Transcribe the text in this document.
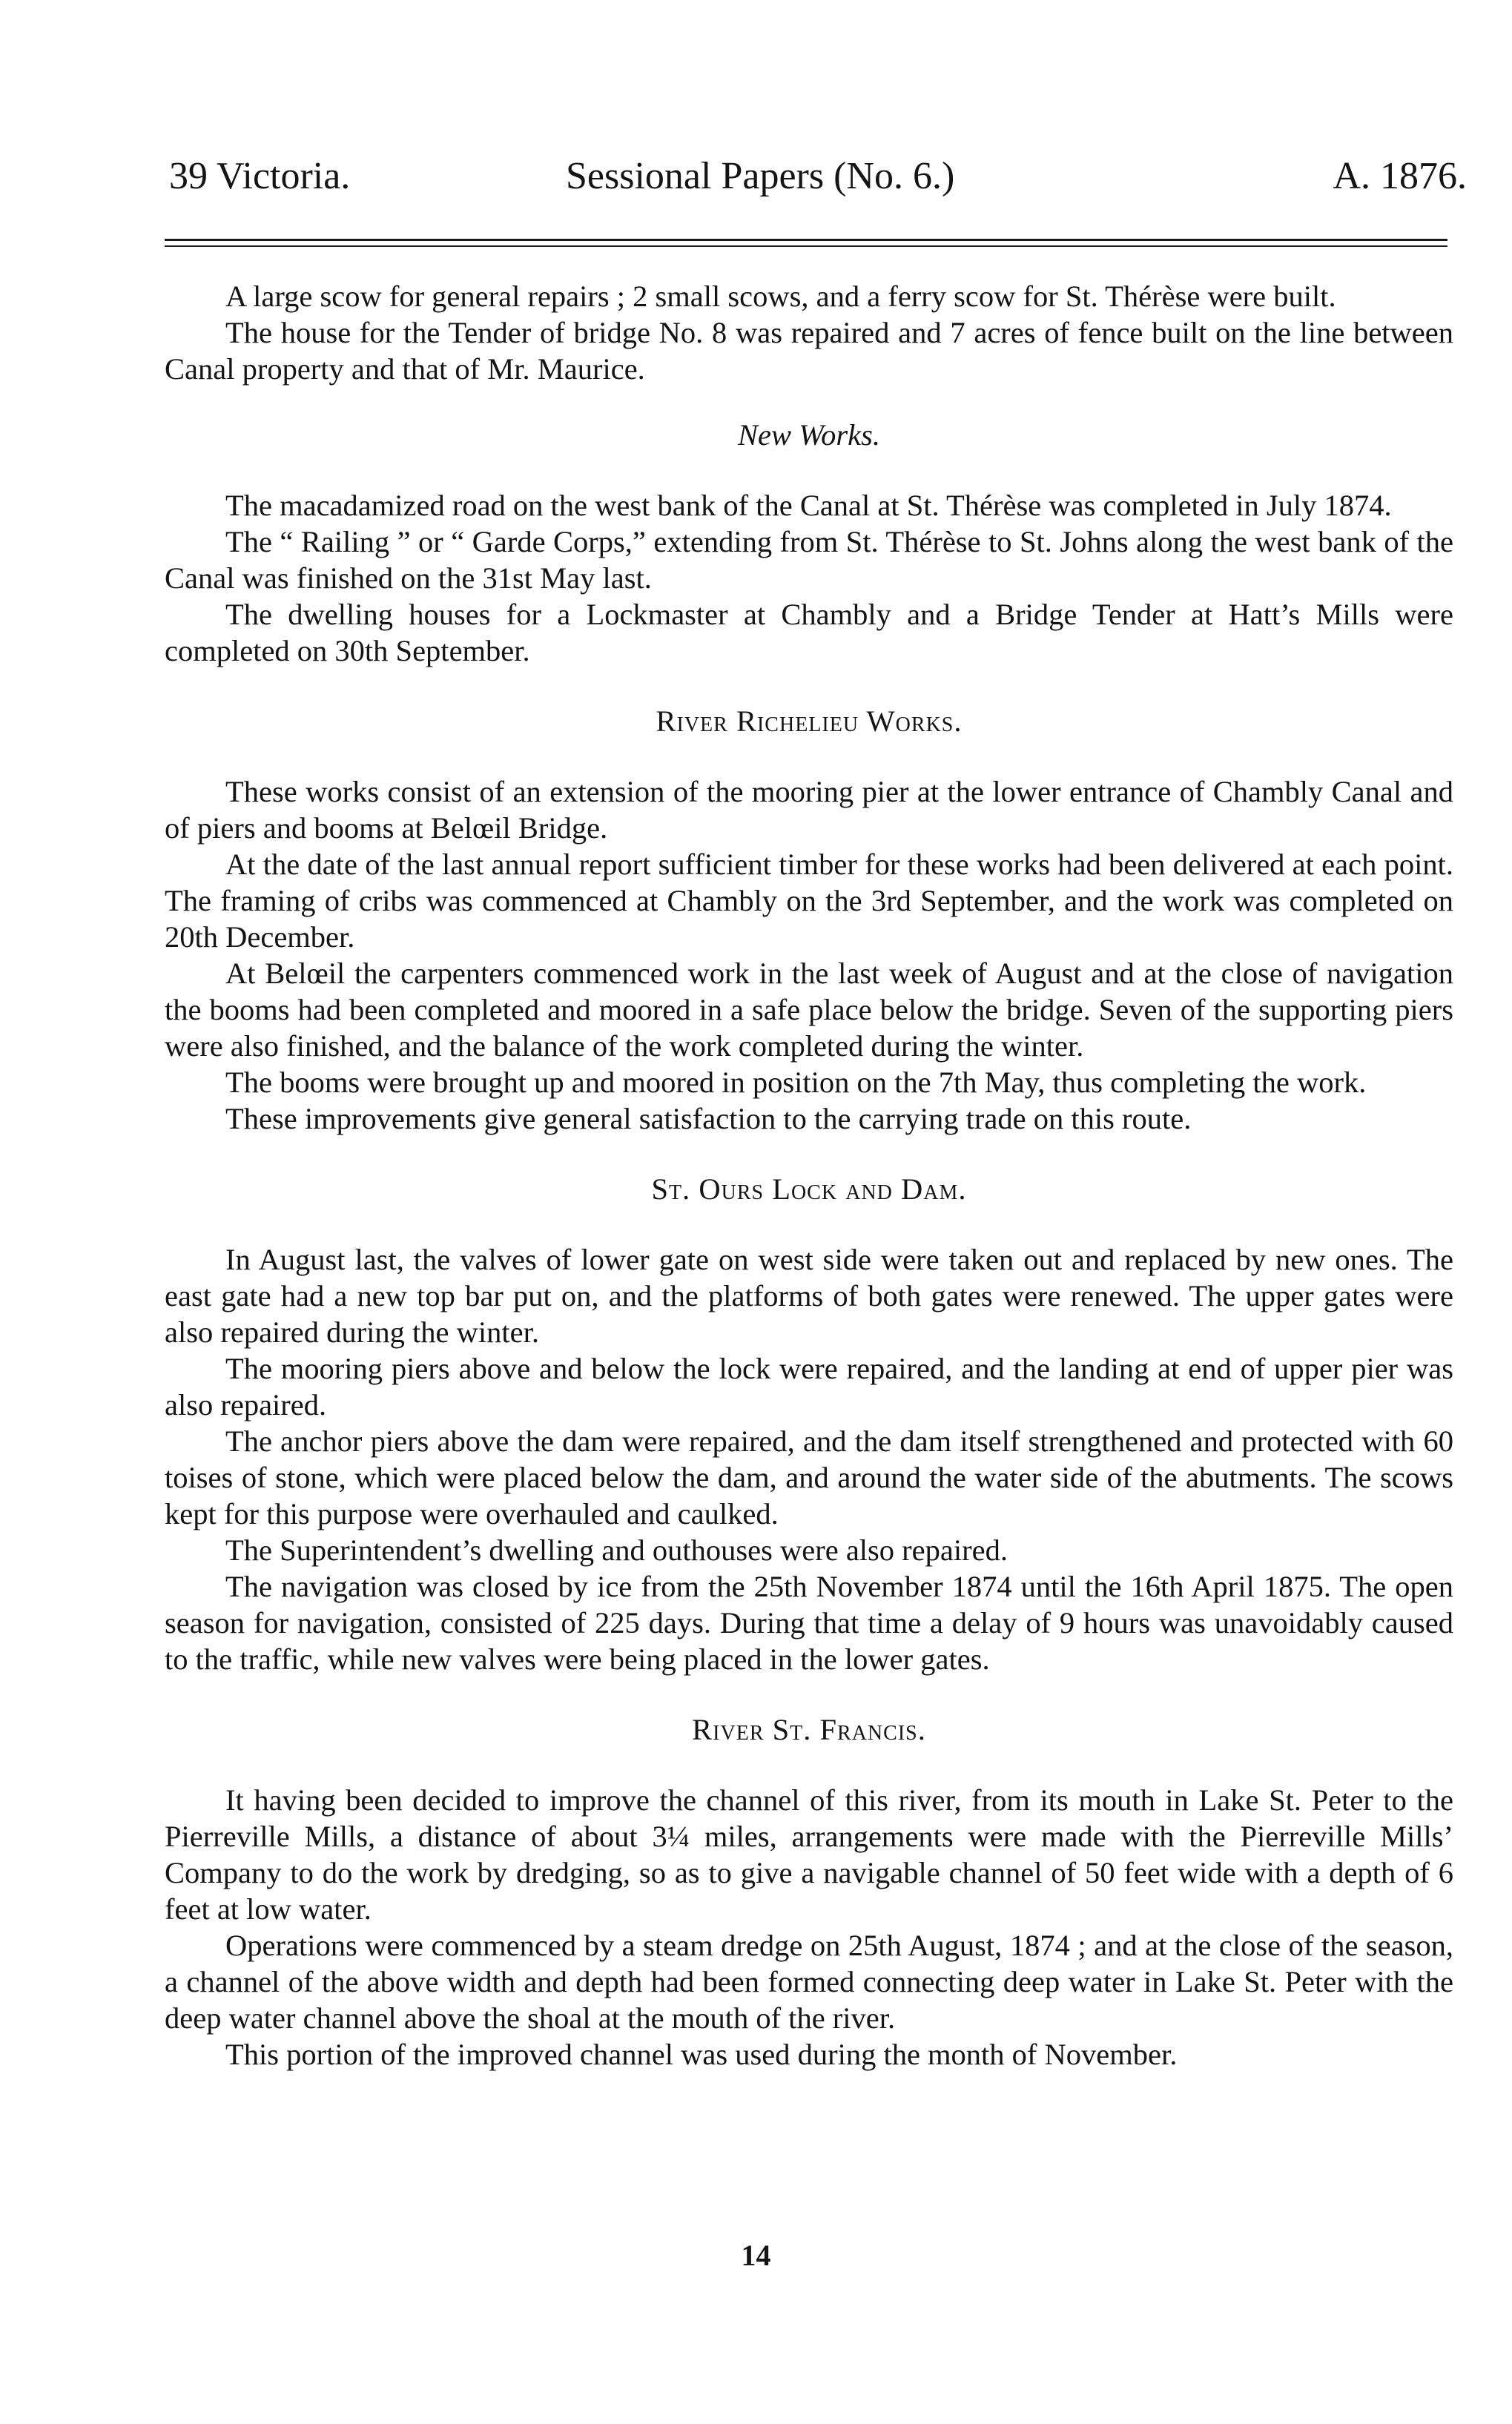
39 Victoria.	Sessional Papers (No. 6.)	A. 1876.

A large scow for general repairs ; 2 small scows, and a ferry scow for St. Thérèse were built.

The house for the Tender of bridge No. 8 was repaired and 7 acres of fence built on the line between Canal property and that of Mr. Maurice.

New Works.

The macadamized road on the west bank of the Canal at St. Thérèse was completed in July 1874.

The “ Railing ” or “ Garde Corps,” extending from St. Thérèse to St. Johns along the west bank of the Canal was finished on the 31st May last.

The dwelling houses for a Lockmaster at Chambly and a Bridge Tender at Hatt’s Mills were completed on 30th September.

River Richelieu Works.

These works consist of an extension of the mooring pier at the lower entrance of Chambly Canal and of piers and booms at Belœil Bridge.

At the date of the last annual report sufficient timber for these works had been delivered at each point. The framing of cribs was commenced at Chambly on the 3rd September, and the work was completed on 20th December.

At Belœil the carpenters commenced work in the last week of August and at the close of navigation the booms had been completed and moored in a safe place below the bridge. Seven of the supporting piers were also finished, and the balance of the work completed during the winter.

The booms were brought up and moored in position on the 7th May, thus completing the work.

These improvements give general satisfaction to the carrying trade on this route.

St. Ours Lock and Dam.

In August last, the valves of lower gate on west side were taken out and replaced by new ones. The east gate had a new top bar put on, and the platforms of both gates were renewed. The upper gates were also repaired during the winter.

The mooring piers above and below the lock were repaired, and the landing at end of upper pier was also repaired.

The anchor piers above the dam were repaired, and the dam itself strengthened and protected with 60 toises of stone, which were placed below the dam, and around the water side of the abutments. The scows kept for this purpose were overhauled and caulked.

The Superintendent’s dwelling and outhouses were also repaired.

The navigation was closed by ice from the 25th November 1874 until the 16th April 1875. The open season for navigation, consisted of 225 days. During that time a delay of 9 hours was unavoidably caused to the traffic, while new valves were being placed in the lower gates.

River St. Francis.

It having been decided to improve the channel of this river, from its mouth in Lake St. Peter to the Pierreville Mills, a distance of about 3¼ miles, arrangements were made with the Pierreville Mills’ Company to do the work by dredging, so as to give a navigable channel of 50 feet wide with a depth of 6 feet at low water.

Operations were commenced by a steam dredge on 25th August, 1874 ; and at the close of the season, a channel of the above width and depth had been formed connecting deep water in Lake St. Peter with the deep water channel above the shoal at the mouth of the river.

This portion of the improved channel was used during the month of November.

14
